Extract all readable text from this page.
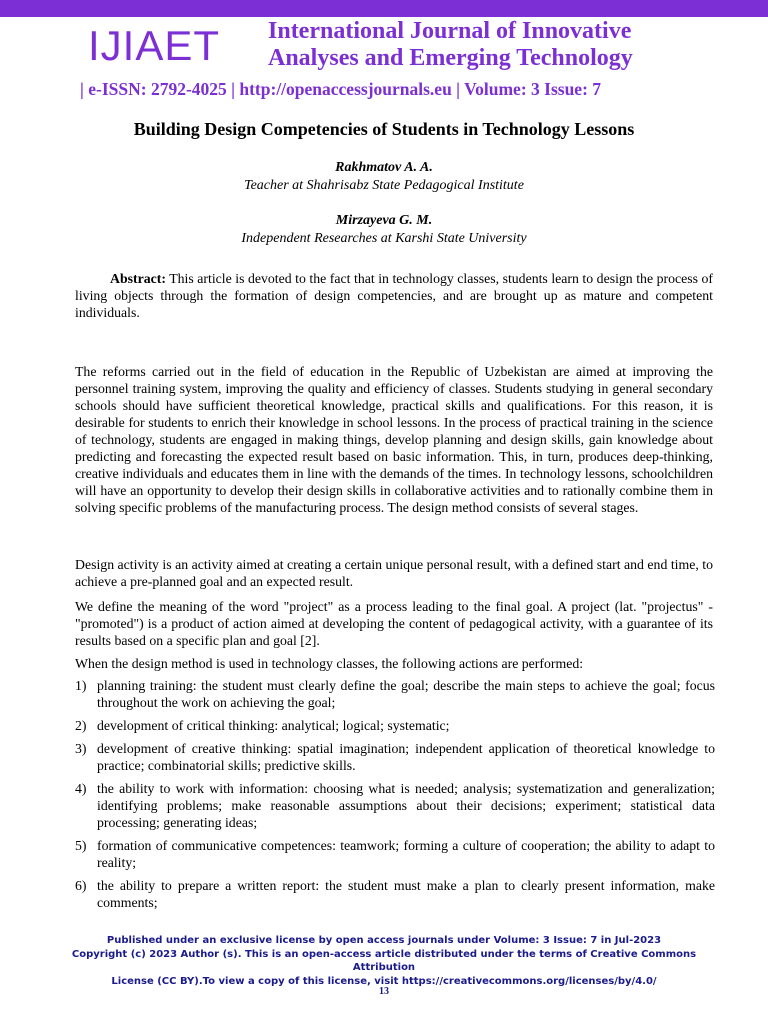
IJIAET International Journal of Innovative
Analyses and Emerging Technology
| e-ISSN: 2792-4025 | http://openaccessjournals.eu | Volume: 3 Issue: 7
Building Design Competencies of Students in Technology Lessons
Rakhmatov A. A.
Teacher at Shahrisabz State Pedagogical Institute
Mirzayeva G. M.
Independent Researches at Karshi State University
Abstract: This article is devoted to the fact that in technology classes, students learn to design the process of living objects through the formation of design competencies, and are brought up as mature and competent individuals.
The reforms carried out in the field of education in the Republic of Uzbekistan are aimed at improving the personnel training system, improving the quality and efficiency of classes. Students studying in general secondary schools should have sufficient theoretical knowledge, practical skills and qualifications. For this reason, it is desirable for students to enrich their knowledge in school lessons. In the process of practical training in the science of technology, students are engaged in making things, develop planning and design skills, gain knowledge about predicting and forecasting the expected result based on basic information. This, in turn, produces deep-thinking, creative individuals and educates them in line with the demands of the times. In technology lessons, schoolchildren will have an opportunity to develop their design skills in collaborative activities and to rationally combine them in solving specific problems of the manufacturing process. The design method consists of several stages.
Design activity is an activity aimed at creating a certain unique personal result, with a defined start and end time, to achieve a pre-planned goal and an expected result.
We define the meaning of the word "project" as a process leading to the final goal. A project (lat. "projectus" - "promoted") is a product of action aimed at developing the content of pedagogical activity, with a guarantee of its results based on a specific plan and goal [2].
When the design method is used in technology classes, the following actions are performed:
1) planning training: the student must clearly define the goal; describe the main steps to achieve the goal; focus throughout the work on achieving the goal;
2) development of critical thinking: analytical; logical; systematic;
3) development of creative thinking: spatial imagination; independent application of theoretical knowledge to practice; combinatorial skills; predictive skills.
4) the ability to work with information: choosing what is needed; analysis; systematization and generalization; identifying problems; make reasonable assumptions about their decisions; experiment; statistical data processing; generating ideas;
5) formation of communicative competences: teamwork; forming a culture of cooperation; the ability to adapt to reality;
6) the ability to prepare a written report: the student must make a plan to clearly present information, make comments;
Published under an exclusive license by open access journals under Volume: 3 Issue: 7 in Jul-2023
Copyright (c) 2023 Author (s). This is an open-access article distributed under the terms of Creative Commons Attribution
License (CC BY).To view a copy of this license, visit https://creativecommons.org/licenses/by/4.0/
13
